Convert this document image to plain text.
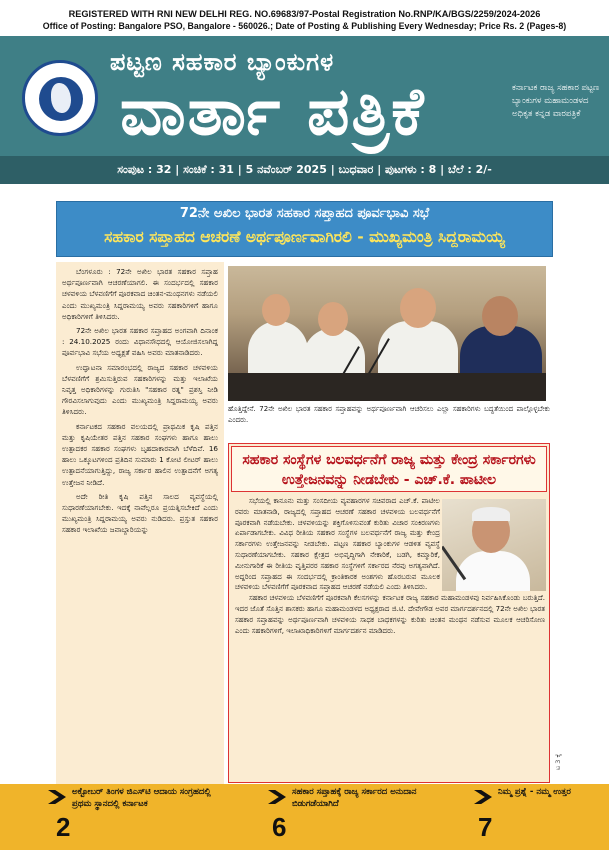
REGISTERED WITH RNI NEW DELHI REG. NO.69683/97-Postal Registration No.RNP/KA/BGS/2259/2024-2026
Office of Posting: Bangalore PSO, Bangalore - 560026.; Date of Posting & Publishing Every Wednesday; Price Rs. 2 (Pages-8)
ಪಟ್ಟಣ ಸಹಕಾರ ಬ್ಯಾಂಕುಗಳ
ವಾರ್ತಾ ಪತ್ರಿಕೆ	ಕರ್ನಾಟಕ ರಾಜ್ಯ ಸಹಕಾರ ಪಟ್ಟಣ ಬ್ಯಾಂಕುಗಳ ಮಹಾಮಂಡಳದ ಅಧಿಕೃತ ಕನ್ನಡ ವಾರಪತ್ರಿಕೆ
ಸಂಪುಟ : 32 | ಸಂಚಿಕೆ : 31 | 5 ನವೆಂಬರ್ 2025 | ಬುಧವಾರ | ಪುಟಗಳು : 8 | ಬೆಲೆ : 2/-
72ನೇ ಅಖಿಲ ಭಾರತ ಸಹಕಾರ ಸಪ್ತಾಹದ ಪೂರ್ವಭಾವಿ ಸಭೆ
ಸಹಕಾರ ಸಪ್ತಾಹದ ಆಚರಣೆ ಅರ್ಥಪೂರ್ಣವಾಗಿರಲಿ - ಮುಖ್ಯಮಂತ್ರಿ ಸಿದ್ದರಾಮಯ್ಯ

ಬೆಂಗಳೂರು : 72ನೇ ಅಖಿಲ ಭಾರತ ಸಹಕಾರ ಸಪ್ತಾಹ ಅರ್ಥಪೂರ್ಣವಾಗಿ ಆಚರಣೆಯಾಗಲಿ. ಈ ಸಂದರ್ಭದಲ್ಲಿ ಸಹಕಾರ ಚಳವಳಿಯ ಬೆಳವಣಿಗೆಗೆ ಪೂರಕವಾದ ಚಿಂತನ-ಮಂಥನಗಳು ನಡೆಯಲಿ ಎಂದು ಮುಖ್ಯಮಂತ್ರಿ ಸಿದ್ದರಾಮಯ್ಯ ಅವರು ಸಹಕಾರಿಗಳಿಗೆ ಹಾಗೂ ಅಧಿಕಾರಿಗಳಿಗೆ ತಿಳಿಸಿದರು.

72ನೇ ಅಖಿಲ ಭಾರತ ಸಹಕಾರ ಸಪ್ತಾಹದ ಅಂಗವಾಗಿ ದಿನಾಂಕ : 24.10.2025 ರಂದು ವಿಧಾನಸೌಧದಲ್ಲಿ ಆಯೋಜಿಸಲಾಗಿದ್ದ ಪೂರ್ವಭಾವಿ ಸಭೆಯ ಅಧ್ಯಕ್ಷತೆ ವಹಿಸಿ ಅವರು ಮಾತನಾಡಿದರು.

ಉದ್ಘಾಟನಾ ಸಮಾರಂಭದಲ್ಲಿ ರಾಜ್ಯದ ಸಹಕಾರ ಚಳವಳಿಯ ಬೆಳವಣಿಗೆಗೆ ಶ್ರಮಿಸುತ್ತಿರುವ ಸಹಕಾರಿಗಳನ್ನು ಮತ್ತು ಇಲಾಖೆಯ ನಿವೃತ್ತ ಅಧಿಕಾರಿಗಳನ್ನು ಗುರುತಿಸಿ "ಸಹಕಾರ ರತ್ನ" ಪ್ರಶಸ್ತಿ ನೀಡಿ ಗೌರವಿಸಲಾಗುವುದು ಎಂದು ಮುಖ್ಯಮಂತ್ರಿ ಸಿದ್ದರಾಮಯ್ಯ ಅವರು ತಿಳಿಸಿದರು.

ಕರ್ನಾಟಕದ ಸಹಕಾರ ವಲಯದಲ್ಲಿ ಪ್ರಾಥಮಿಕ ಕೃಷಿ ಪತ್ತಿನ ಮತ್ತು ಕೃಷಿಯೇತರ ಪತ್ತಿನ ಸಹಕಾರ ಸಂಘಗಳು ಹಾಗೂ ಹಾಲು ಉತ್ಪಾದಕರ ಸಹಕಾರ ಸಂಘಗಳು ಬೃಹದಾಕಾರವಾಗಿ ಬೆಳೆದಿವೆ. 16 ಹಾಲು ಒಕ್ಕೂಟಗಳಿಂದ ಪ್ರತಿದಿನ ಸುಮಾರು 1 ಕೋಟಿ ಲೀಟರ್ ಹಾಲು ಉತ್ಪಾದನೆಯಾಗುತ್ತಿದ್ದು, ರಾಜ್ಯ ಸರ್ಕಾರ ಹಾಲಿನ ಉತ್ಪಾದನೆಗೆ ಅಗತ್ಯ ಉತ್ತೇಜನ ನೀಡಿದೆ.

ಅದೇ ರೀತಿ ಕೃಷಿ ಪತ್ತಿನ ಸಾಲದ ವ್ಯವಸ್ಥೆಯಲ್ಲಿ ಸುಧಾರಣೆಯಾಗಬೇಕು. ಇದಕ್ಕೆ ನಾವೆಲ್ಲರೂ ಪ್ರಯತ್ನಿಸಬೇಕಿದೆ ಎಂದು ಮುಖ್ಯಮಂತ್ರಿ ಸಿದ್ದರಾಮಯ್ಯ ಅವರು ನುಡಿದರು. ಪ್ರಸ್ತುತ ಸಹಕಾರ ಸಹಕಾರ ಇಲಾಖೆಯ ಜವಾಬ್ದಾರಿಯನ್ನು

ಹೊತ್ತಿದ್ದೇನೆ. 72ನೇ ಅಖಿಲ ಭಾರತ ಸಹಕಾರ ಸಪ್ತಾಹವನ್ನು ಅರ್ಥಪೂರ್ಣವಾಗಿ ಆಚರಿಸಲು ಎಲ್ಲಾ ಸಹಕಾರಿಗಳು ಬದ್ಧತೆಯಿಂದ ಪಾಲ್ಗೊಳ್ಳಬೇಕು ಎಂದರು.
ಸಹಕಾರ ಸಂಸ್ಥೆಗಳ ಬಲವರ್ಧನೆಗೆ ರಾಜ್ಯ ಮತ್ತು ಕೇಂದ್ರ ಸರ್ಕಾರಗಳು ಉತ್ತೇಜನವನ್ನು ನೀಡಬೇಕು - ಎಚ್.ಕೆ. ಪಾಟೀಲ

ಸಭೆಯಲ್ಲಿ ಕಾನೂನು ಮತ್ತು ಸಂಸದೀಯ ವ್ಯವಹಾರಗಳ ಸಚಿವರಾದ ಎಚ್.ಕೆ. ಪಾಟೀಲ ರವರು ಮಾತನಾಡಿ, ರಾಜ್ಯದಲ್ಲಿ ಸಪ್ತಾಹದ ಆಚರಣೆ ಸಹಕಾರ ಚಳವಳಿಯ ಬಲವರ್ಧನೆಗೆ ಪೂರಕವಾಗಿ ನಡೆಯಬೇಕು. ಚಳವಳಿಯನ್ನು ಶಕ್ತಿಗೊಳಿಸುವಂತೆ ಕುರಿತು ವಿಚಾರ ಸಂಕಿರಣಗಳು ಏರ್ಪಾಡಾಗಬೇಕು. ವಿವಿಧ ರೀತಿಯ ಸಹಕಾರ ಸಂಸ್ಥೆಗಳ ಬಲವರ್ಧನೆಗೆ ರಾಜ್ಯ ಮತ್ತು ಕೇಂದ್ರ ಸರ್ಕಾರಗಳು ಉತ್ತೇಜನವನ್ನು ನೀಡಬೇಕು. ಪಟ್ಟಣ ಸಹಕಾರ ಬ್ಯಾಂಕುಗಳ ಆಡಳಿತ ವ್ಯವಸ್ಥೆ ಸುಧಾರಣೆಯಾಗಬೇಕು. ಸಹಕಾರ ಕ್ಷೇತ್ರದ ಅಭಿವೃದ್ಧಿಗಾಗಿ ನೇಕಾರಿಕೆ, ಬಡಗಿ, ಕಮ್ಮಾರಿಕೆ, ಮೀನುಗಾರಿಕೆ ಈ ರೀತಿಯ ವೃತ್ತಿಪರರ ಸಹಕಾರ ಸಂಸ್ಥೆಗಳಿಗೆ ಸರ್ಕಾರದ ನೆರವು ಅಗತ್ಯವಾಗಿದೆ. ಅದ್ದರಿಂದ ಸಪ್ತಾಹದ ಈ ಸಂದರ್ಭದಲ್ಲಿ ಕ್ರಾಂತಿಕಾರಕ ಅಂಶಗಳು ಹೊರಬರುವ ಮೂಲಕ ಚಳವಳಿಯ ಬೆಳವಣಿಗೆಗೆ ಪೂರಕವಾದ ಸಪ್ತಾಹದ ಆಚರಣೆ ನಡೆಯಲಿ ಎಂದು ತಿಳಿಸಿದರು.

ಸಹಕಾರ ಚಳವಳಿಯ ಬೆಳವಣಿಗೆಗೆ ಪೂರಕವಾಗಿ ಕೆಲಸಗಳನ್ನು ಕರ್ನಾಟಕ ರಾಜ್ಯ ಸಹಕಾರ ಮಹಾಮಂಡಳವು ನಿರ್ವಹಿಸಿಕೊಂಡು ಬರುತ್ತಿದೆ. ಇದರ ಜೊತೆ ಸೊತ್ತಿನ ಶಾಸಕರು ಹಾಗೂ ಮಹಾಮಂಡಳದ ಅಧ್ಯಕ್ಷರಾದ ಜಿ.ಟಿ. ದೇವೇಗೌಡ ಅವರ ಮಾರ್ಗದರ್ಶನದಲ್ಲಿ 72ನೇ ಅಖಿಲ ಭಾರತ ಸಹಕಾರ ಸಪ್ತಾಹವನ್ನು ಅರ್ಥಪೂರ್ಣವಾಗಿ ಚಳವಳಿಯ ಸಾಧಕ ಬಾಧಕಗಳನ್ನು ಕುರಿತು ಚಿಂತನ ಮಂಥನ ನಡೆಸುವ ಮೂಲಕ ಆಚರಿಸೋಣ ಎಂದು ಸಹಕಾರಿಗಳಿಗೆ, ಇಲಾಖಾಧಿಕಾರಿಗಳಿಗೆ ಮಾರ್ಗದರ್ಶನ ಮಾಡಿದರು.

ಟ 3 ಕ್ಕೆ
ಅಕ್ಟೋಬರ್ ತಿಂಗಳ ಜಿಎಸ್‌ಟಿ ಆದಾಯ ಸಂಗ್ರಹದಲ್ಲಿ ಪ್ರಥಮ ಸ್ಥಾನದಲ್ಲಿ ಕರ್ನಾಟಕ
2
ಸಹಕಾರ ಸಪ್ತಾಹಕ್ಕೆ ರಾಜ್ಯ ಸರ್ಕಾರದ ಅನುದಾನ ಬಿಡುಗಡೆಯಾಗಿದೆ
6
ನಿಮ್ಮ ಪ್ರಶ್ನೆ - ನಮ್ಮ ಉತ್ತರ
7
